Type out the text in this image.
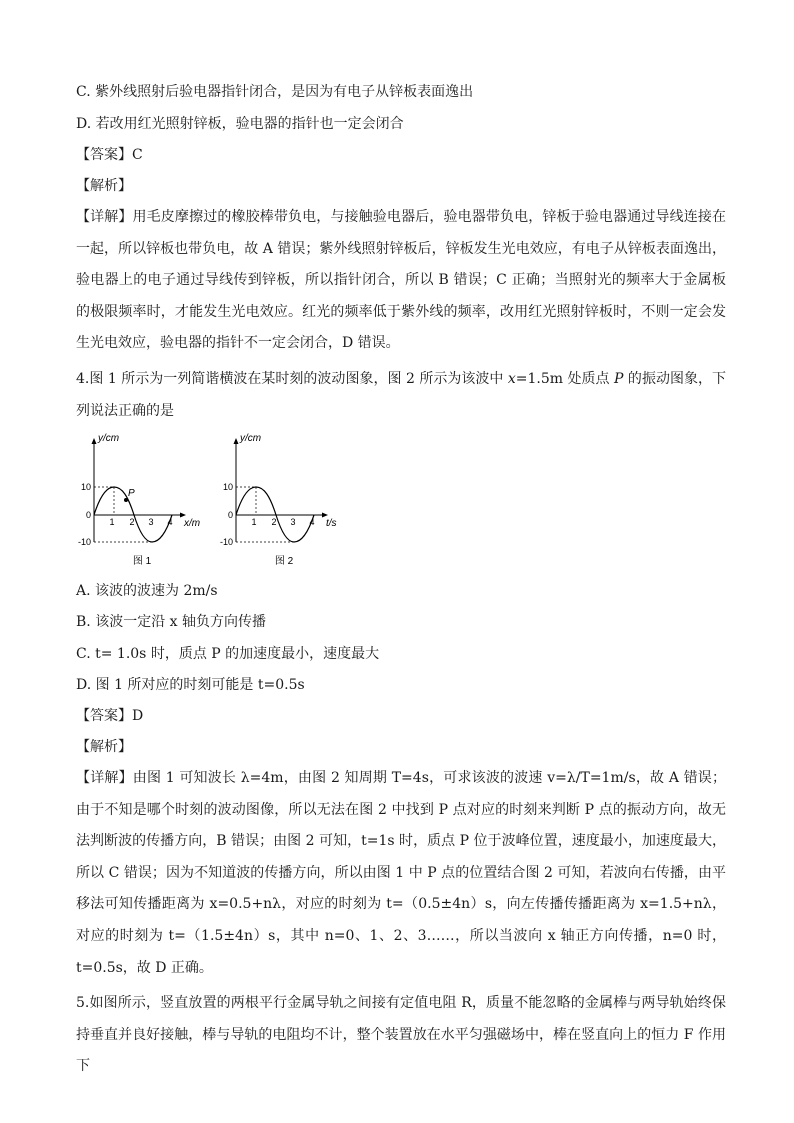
C. 紫外线照射后验电器指针闭合，是因为有电子从锌板表面逸出
D. 若改用红光照射锌板，验电器的指针也一定会闭合
【答案】C
【解析】
【详解】用毛皮摩擦过的橡胶棒带负电，与接触验电器后，验电器带负电，锌板于验电器通过导线连接在一起，所以锌板也带负电，故 A 错误；紫外线照射锌板后，锌板发生光电效应，有电子从锌板表面逸出，验电器上的电子通过导线传到锌板，所以指针闭合，所以 B 错误；C 正确；当照射光的频率大于金属板的极限频率时，才能发生光电效应。红光的频率低于紫外线的频率，改用红光照射锌板时，不则一定会发生光电效应，验电器的指针不一定会闭合，D 错误。
4.图 1 所示为一列简谐横波在某时刻的波动图象，图 2 所示为该波中 x=1.5m 处质点 P 的振动图象，下列说法正确的是
P
y/cm
x/m
10
0
-10
1 2 3 4
图 1
y/cm
t/s
10
0
-10
1 2 3 4
图 2
A. 该波的波速为 2m/s
B. 该波一定沿 x 轴负方向传播
C. t= 1.0s 时，质点 P 的加速度最小，速度最大
D. 图 1 所对应的时刻可能是 t=0.5s
【答案】D
【解析】
【详解】由图 1 可知波长 λ=4m，由图 2 知周期 T=4s，可求该波的波速 v=λ/T=1m/s，故 A 错误；由于不知是哪个时刻的波动图像，所以无法在图 2 中找到 P 点对应的时刻来判断 P 点的振动方向，故无法判断波的传播方向，B 错误；由图 2 可知，t=1s 时，质点 P 位于波峰位置，速度最小，加速度最大，所以 C 错误；因为不知道波的传播方向，所以由图 1 中 P 点的位置结合图 2 可知，若波向右传播，由平移法可知传播距离为 x=0.5+nλ，对应的时刻为 t=（0.5±4n）s，向左传播传播距离为 x=1.5+nλ，对应的时刻为 t=（1.5±4n）s，其中 n=0、1、2、3……，所以当波向 x 轴正方向传播，n=0 时，t=0.5s，故 D 正确。
5.如图所示，竖直放置的两根平行金属导轨之间接有定值电阻 R，质量不能忽略的金属棒与两导轨始终保持垂直并良好接触，棒与导轨的电阻均不计，整个装置放在水平匀强磁场中，棒在竖直向上的恒力 F 作用下
